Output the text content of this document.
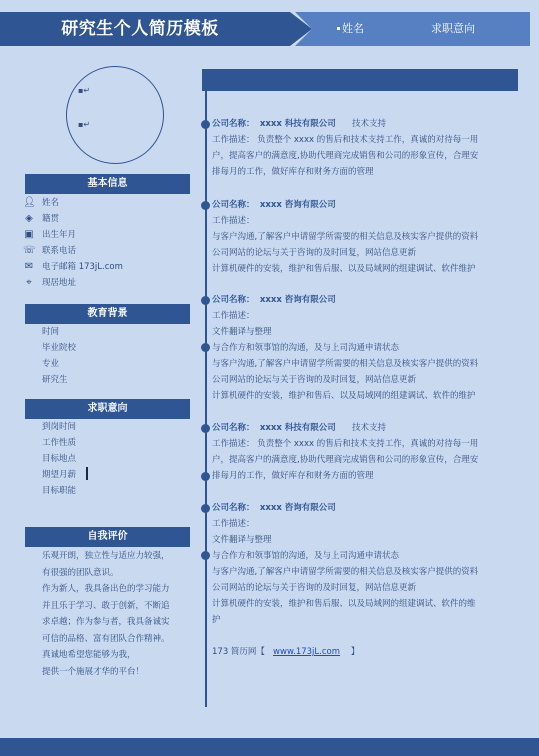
研究生个人简历模板	姓名	求职意向
▪↵
▪↵
基本信息
👤︎ 姓名
◈ 籍贯
▣ 出生年月
☏ 联系电话
✉ 电子邮箱 173jL.com
⌖	现居地址
教育背景
时间
毕业院校
专业
研究生
求职意向
到岗时间
工作性质
目标地点
期望月薪
目标职能
自我评价
乐观开朗，独立性与适应力较强，
有很强的团队意识。
作为新人，我具备出色的学习能力
并且乐于学习、敢于创新，不断追
求卓越；作为参与者，我具备诚实
可信的品格、富有团队合作精神。
真诚地希望您能够为我，
提供一个施展才华的平台！
公司名称： xxxx 科技有限公司 技术支持
工作描述： 负责整个 xxxx 的售后和技术支持工作，真诚的对待每一用
户，提高客户的满意度,协助代理商完成销售和公司的形象宣传，合理安
排每月的工作，做好库存和财务方面的管理
公司名称： xxxx 咨询有限公司
工作描述：
与客户沟通,了解客户申请留学所需要的相关信息及核实客户提供的资料
公司网站的论坛与关于咨询的及时回复，网站信息更新
计算机硬件的安装，维护和售后服、以及局域网的组建调试、软件维护
公司名称： xxxx 咨询有限公司
工作描述：
文件翻译与整理
与合作方和领事馆的沟通，及与上司沟通申请状态
与客户沟通,了解客户申请留学所需要的相关信息及核实客户提供的资料
公司网站的论坛与关于咨询的及时回复，网站信息更新
计算机硬件的安装，维护和售后、以及局域网的组建调试、软件的维护
公司名称： xxxx 科技有限公司 技术支持
工作描述： 负责整个 xxxx 的售后和技术支持工作，真诚的对待每一用
户，提高客户的满意度,协助代理商完成销售和公司的形象宣传，合理安
排每月的工作，做好库存和财务方面的管理
公司名称： xxxx 咨询有限公司
工作描述：
文件翻译与整理
与合作方和领事馆的沟通，及与上司沟通申请状态
与客户沟通,了解客户申请留学所需要的相关信息及核实客户提供的资料
公司网站的论坛与关于咨询的及时回复，网站信息更新
计算机硬件的安装，维护和售后服、以及局域网的组建调试、软件的维
护
173 简历网【 www.173jL.com 】
